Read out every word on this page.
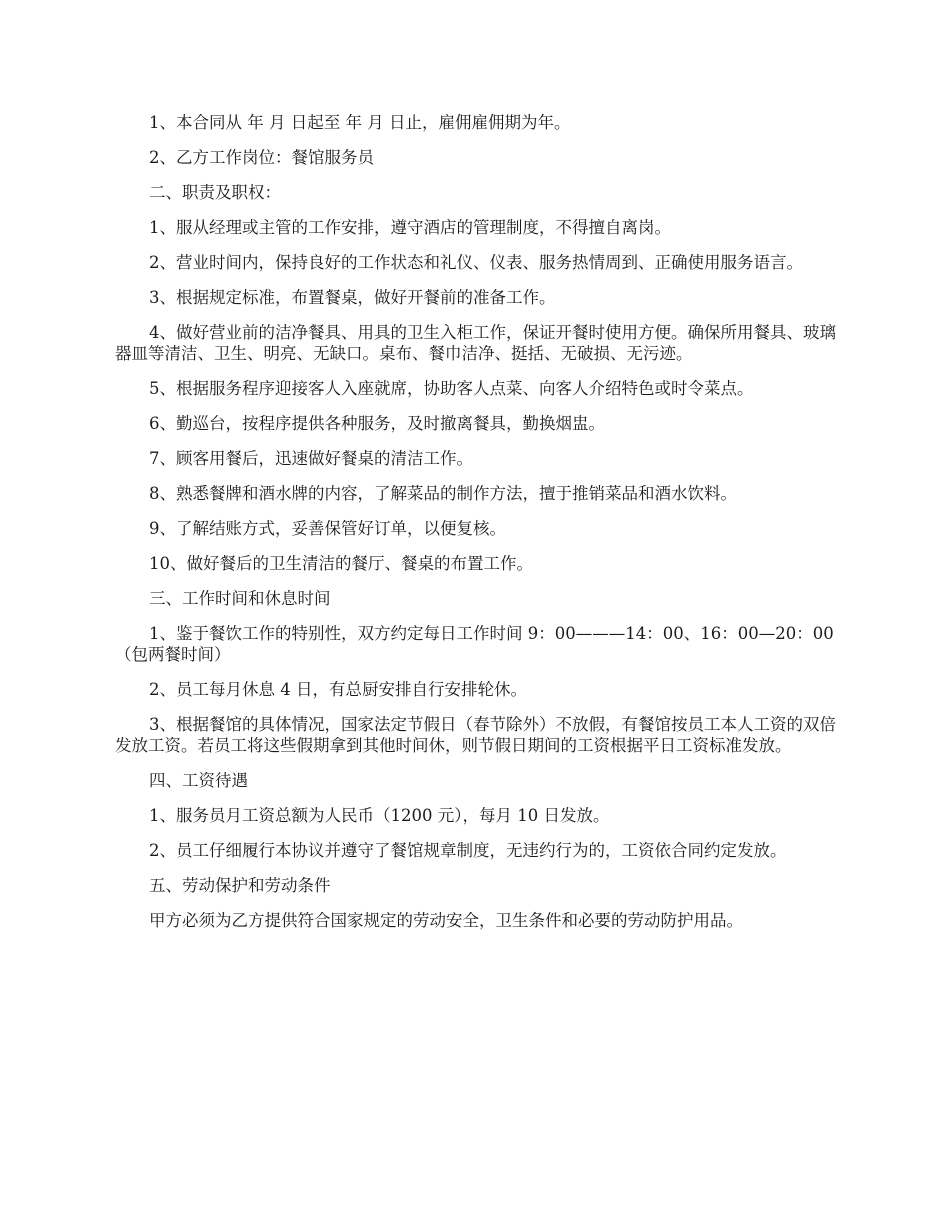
1、本合同从 年 月 日起至 年 月 日止，雇佣雇佣期为年。

2、乙方工作岗位：餐馆服务员

二、职责及职权：

1、服从经理或主管的工作安排，遵守酒店的管理制度，不得擅自离岗。

2、营业时间内，保持良好的工作状态和礼仪、仪表、服务热情周到、正确使用服务语言。

3、根据规定标准，布置餐桌，做好开餐前的准备工作。

4、做好营业前的洁净餐具、用具的卫生入柜工作，保证开餐时使用方便。确保所用餐具、玻璃器皿等清洁、卫生、明亮、无缺口。桌布、餐巾洁净、挺括、无破损、无污迹。

5、根据服务程序迎接客人入座就席，协助客人点菜、向客人介绍特色或时令菜点。

6、勤巡台，按程序提供各种服务，及时撤离餐具，勤换烟盅。

7、顾客用餐后，迅速做好餐桌的清洁工作。

8、熟悉餐牌和酒水牌的内容，了解菜品的制作方法，擅于推销菜品和酒水饮料。

9、了解结账方式，妥善保管好订单，以便复核。

10、做好餐后的卫生清洁的餐厅、餐桌的布置工作。

三、工作时间和休息时间

1、鉴于餐饮工作的特别性，双方约定每日工作时间 9：00———14：00、16：00—20：00（包两餐时间）

2、员工每月休息 4 日，有总厨安排自行安排轮休。

3、根据餐馆的具体情况，国家法定节假日（春节除外）不放假，有餐馆按员工本人工资的双倍发放工资。若员工将这些假期拿到其他时间休，则节假日期间的工资根据平日工资标准发放。

四、工资待遇

1、服务员月工资总额为人民币（1200 元），每月 10 日发放。

2、员工仔细履行本协议并遵守了餐馆规章制度，无违约行为的，工资依合同约定发放。

五、劳动保护和劳动条件

甲方必须为乙方提供符合国家规定的劳动安全，卫生条件和必要的劳动防护用品。
